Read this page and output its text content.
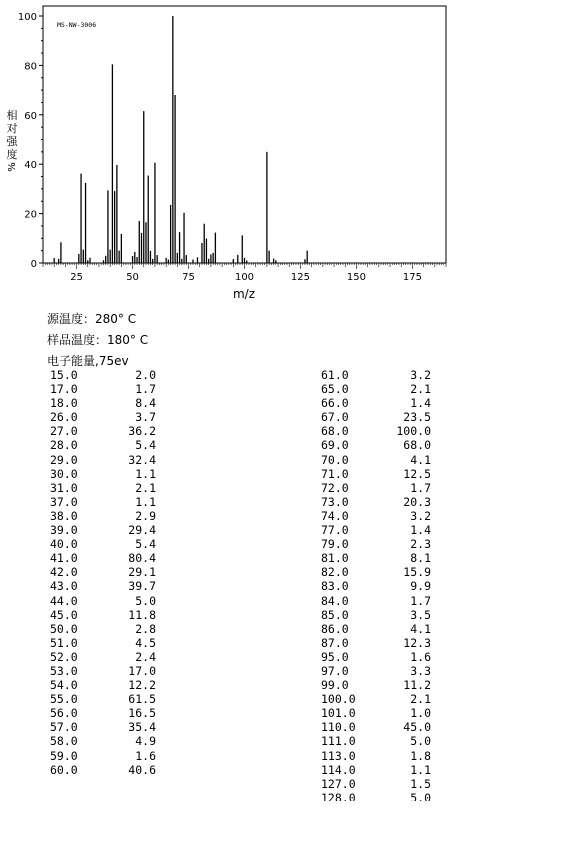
MS-NW-3006
0
20
40
60
80
100
25	50	75	100	125	150	175
m/z
相
对
强
度
%
源温度：280° C
样品温度：180° C
电子能量,75ev
15.0	2.0
17.0	1.7
18.0	8.4
26.0	3.7
27.0	36.2
28.0	5.4
29.0	32.4
30.0	1.1
31.0	2.1
37.0	1.1
38.0	2.9
39.0	29.4
40.0	5.4
41.0	80.4
42.0	29.1
43.0	39.7
44.0	5.0
45.0	11.8
50.0	2.8
51.0	4.5
52.0	2.4
53.0	17.0
54.0	12.2
55.0	61.5
56.0	16.5
57.0	35.4
58.0	4.9
59.0	1.6
60.0	40.6
61.0	3.2
65.0	2.1
66.0	1.4
67.0	23.5
68.0	100.0
69.0	68.0
70.0	4.1
71.0	12.5
72.0	1.7
73.0	20.3
74.0	3.2
77.0	1.4
79.0	2.3
81.0	8.1
82.0	15.9
83.0	9.9
84.0	1.7
85.0	3.5
86.0	4.1
87.0	12.3
95.0	1.6
97.0	3.3
99.0	11.2
100.0	2.1
101.0	1.0
110.0	45.0
111.0	5.0
113.0	1.8
114.0	1.1
127.0	1.5
128.0	5.0
